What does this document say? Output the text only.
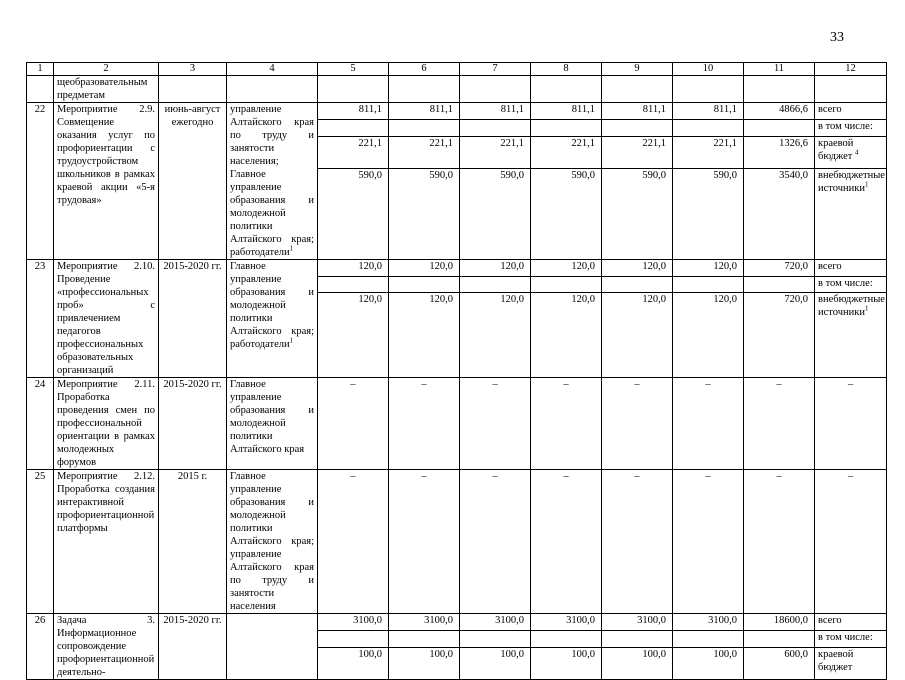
33
1	2	3	4	5	6	7	8	9	10	11	12
	щеобразовательным предметам										
22	Мероприятие 2.9. Совмещение оказания услуг по профориентации с трудоустройством школьников в рамках краевой акции «5-я трудовая»	июнь-август ежегодно	управление Алтайского края по труду и занятости населения; Главное управление образования и молодежной политики Алтайского края; работодатели$^1$	811,1	811,1	811,1	811,1	811,1	811,1	4866,6	всего
											в том числе:
				221,1	221,1	221,1	221,1	221,1	221,1	1326,6	краевой бюджет $^4$
				590,0	590,0	590,0	590,0	590,0	590,0	3540,0	внебюджетные источники$^1$
23	Мероприятие 2.10. Проведение «профессиональных проб» с привлечением педагогов профессиональных образовательных организаций	2015-2020 гг.	Главное управление образования и молодежной политики Алтайского края; работодатели$^1$	120,0	120,0	120,0	120,0	120,0	120,0	720,0	всего
											в том числе:
				120,0	120,0	120,0	120,0	120,0	120,0	720,0	внебюджетные источники$^1$
24	Мероприятие 2.11. Проработка проведения смен по профессиональной ориентации в рамках молодежных форумов	2015-2020 гг.	Главное управление образования и молодежной политики Алтайского края	–	–	–	–	–	–	–	–
25	Мероприятие 2.12. Проработка создания интерактивной профориентационной платформы	2015 г.	Главное управление образования и молодежной политики Алтайского края; управление Алтайского края по труду и занятости населения	–	–	–	–	–	–	–	–
26	Задача 3. Информационное сопровождение профориентационной деятельно-	2015-2020 гг.		3100,0	3100,0	3100,0	3100,0	3100,0	3100,0	18600,0	всего
											в том числе:
				100,0	100,0	100,0	100,0	100,0	100,0	600,0	краевой бюджет
